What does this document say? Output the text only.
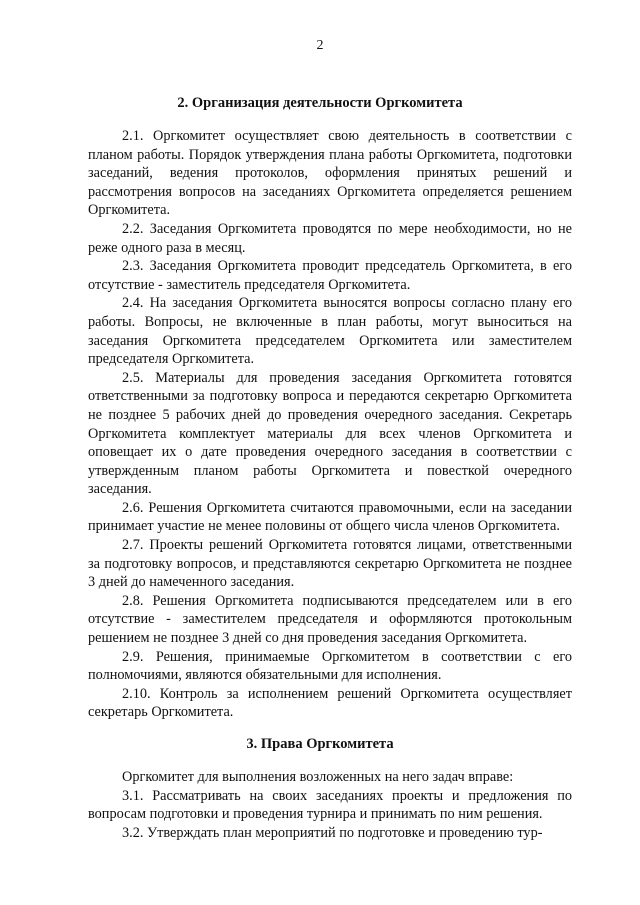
2
2. Организация деятельности Оргкомитета

2.1. Оргкомитет осуществляет свою деятельность в соответствии с планом работы. Порядок утверждения плана работы Оргкомитета, подготовки заседаний, ведения протоколов, оформления принятых решений и рассмотрения вопросов на заседаниях Оргкомитета определяется решением Оргкомитета.

2.2. Заседания Оргкомитета проводятся по мере необходимости, но не реже одного раза в месяц.

2.3. Заседания Оргкомитета проводит председатель Оргкомитета, в его отсутствие - заместитель председателя Оргкомитета.

2.4. На заседания Оргкомитета выносятся вопросы согласно плану его работы. Вопросы, не включенные в план работы, могут выноситься на заседания Оргкомитета председателем Оргкомитета или заместителем председателя Оргкомитета.

2.5. Материалы для проведения заседания Оргкомитета готовятся ответственными за подготовку вопроса и передаются секретарю Оргкомитета не позднее 5 рабочих дней до проведения очередного заседания. Секретарь Оргкомитета комплектует материалы для всех членов Оргкомитета и оповещает их о дате проведения очередного заседания в соответствии с утвержденным планом работы Оргкомитета и повесткой очередного заседания.

2.6. Решения Оргкомитета считаются правомочными, если на заседании принимает участие не менее половины от общего числа членов Оргкомитета.

2.7. Проекты решений Оргкомитета готовятся лицами, ответственными за подготовку вопросов, и представляются секретарю Оргкомитета не позднее 3 дней до намеченного заседания.

2.8. Решения Оргкомитета подписываются председателем или в его отсутствие - заместителем председателя и оформляются протокольным решением не позднее 3 дней со дня проведения заседания Оргкомитета.

2.9. Решения, принимаемые Оргкомитетом в соответствии с его полномочиями, являются обязательными для исполнения.

2.10. Контроль за исполнением решений Оргкомитета осуществляет секретарь Оргкомитета.

3. Права Оргкомитета

Оргкомитет для выполнения возложенных на него задач вправе:

3.1. Рассматривать на своих заседаниях проекты и предложения по вопросам подготовки и проведения турнира и принимать по ним решения.

3.2. Утверждать план мероприятий по подготовке и проведению тур-
